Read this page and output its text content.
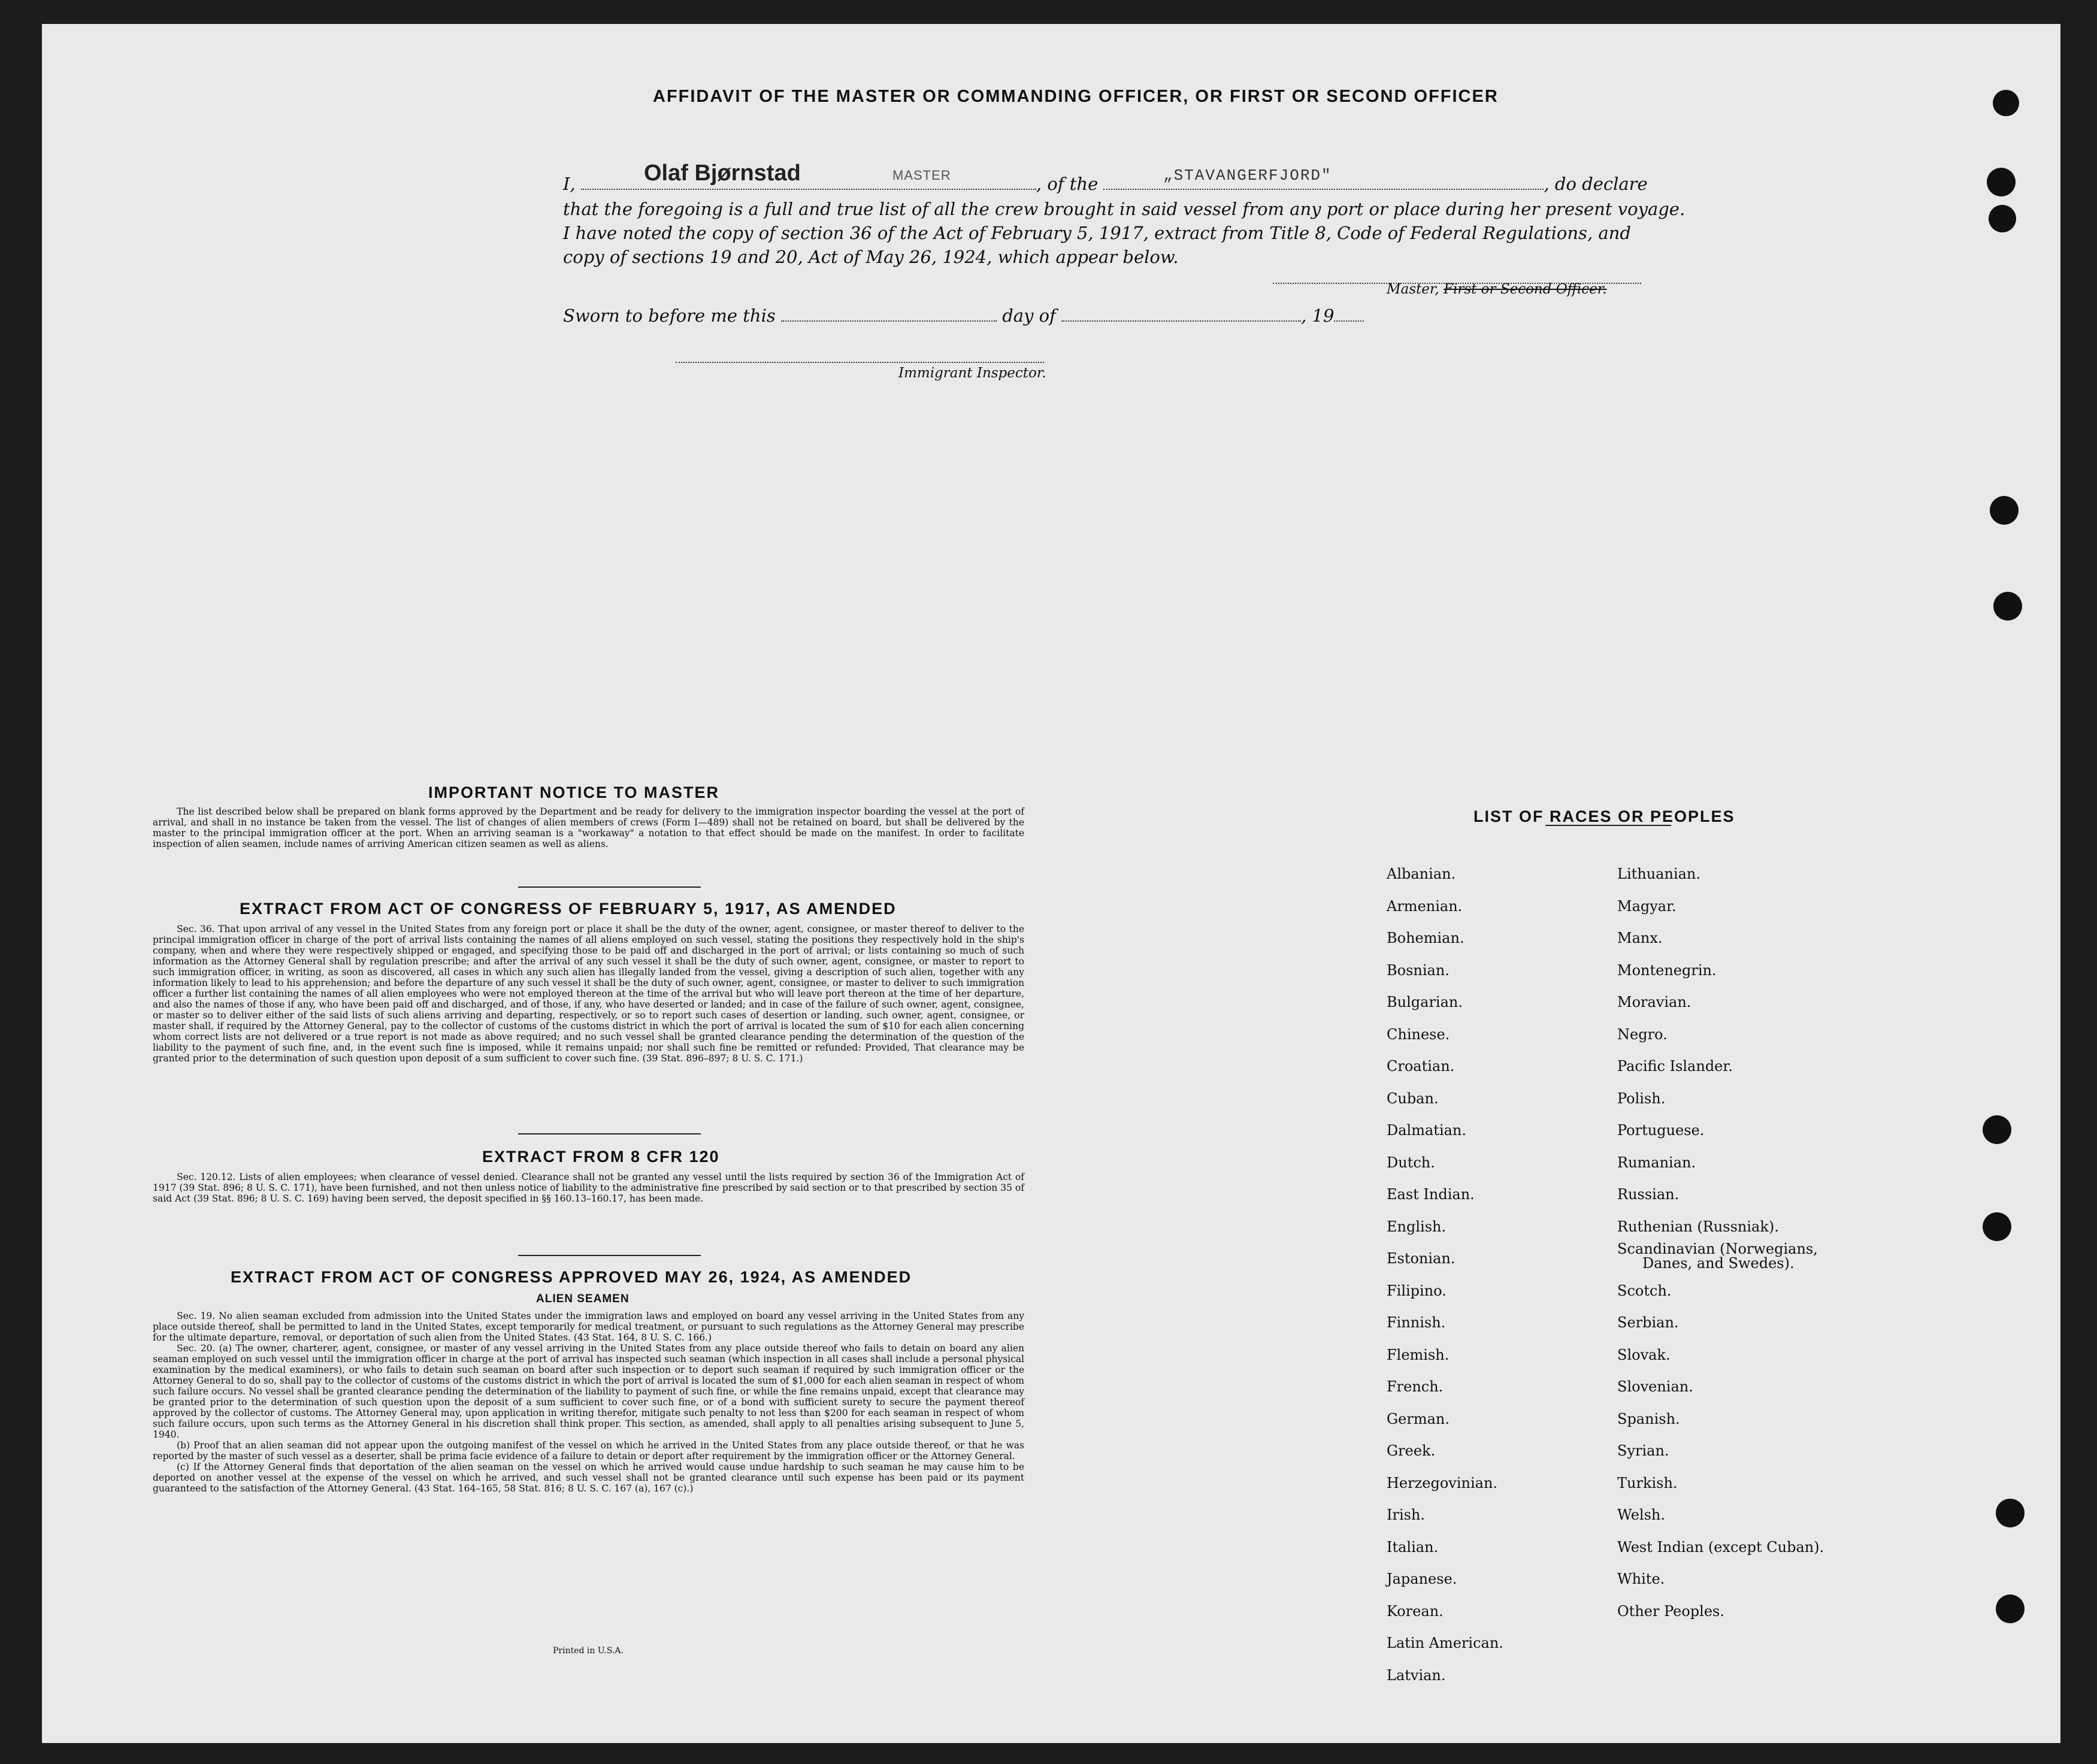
AFFIDAVIT OF THE MASTER OR COMMANDING OFFICER, OR FIRST OR SECOND OFFICER
I,	, of the	, do declare
Olaf Bjørnstad	MASTER	„STAVANGERFJORD"
that the foregoing is a full and true list of all the crew brought in said vessel from any port or place during her present voyage.
I have noted the copy of section 36 of the Act of February 5, 1917, extract from Title 8, Code of Federal Regulations, and
copy of sections 19 and 20, Act of May 26, 1924, which appear below.
Master, First or Second Officer.
Sworn to before me this	day of	, 19
Immigrant Inspector.
IMPORTANT NOTICE TO MASTER
The list described below shall be prepared on blank forms approved by the Department and be ready for delivery to the immigration inspector boarding the vessel at the port of arrival, and shall in no instance be taken from the vessel. The list of changes of alien members of crews (Form I—489) shall not be retained on board, but shall be delivered by the master to the principal immigration officer at the port. When an arriving seaman is a "workaway" a notation to that effect should be made on the manifest. In order to facilitate inspection of alien seamen, include names of arriving American citizen seamen as well as aliens.
EXTRACT FROM ACT OF CONGRESS OF FEBRUARY 5, 1917, AS AMENDED
Sec. 36. That upon arrival of any vessel in the United States from any foreign port or place it shall be the duty of the owner, agent, consignee, or master thereof to deliver to the principal immigration officer in charge of the port of arrival lists containing the names of all aliens employed on such vessel, stating the positions they respectively hold in the ship's company, when and where they were respectively shipped or engaged, and specifying those to be paid off and discharged in the port of arrival; or lists containing so much of such information as the Attorney General shall by regulation prescribe; and after the arrival of any such vessel it shall be the duty of such owner, agent, consignee, or master to report to such immigration officer, in writing, as soon as discovered, all cases in which any such alien has illegally landed from the vessel, giving a description of such alien, together with any information likely to lead to his apprehension; and before the departure of any such vessel it shall be the duty of such owner, agent, consignee, or master to deliver to such immigration officer a further list containing the names of all alien employees who were not employed thereon at the time of the arrival but who will leave port thereon at the time of her departure, and also the names of those if any, who have been paid off and discharged, and of those, if any, who have deserted or landed; and in case of the failure of such owner, agent, consignee, or master so to deliver either of the said lists of such aliens arriving and departing, respectively, or so to report such cases of desertion or landing, such owner, agent, consignee, or master shall, if required by the Attorney General, pay to the collector of customs of the customs district in which the port of arrival is located the sum of $10 for each alien concerning whom correct lists are not delivered or a true report is not made as above required; and no such vessel shall be granted clearance pending the determination of the question of the liability to the payment of such fine, and, in the event such fine is imposed, while it remains unpaid; nor shall such fine be remitted or refunded: Provided, That clearance may be granted prior to the determination of such question upon deposit of a sum sufficient to cover such fine. (39 Stat. 896–897; 8 U. S. C. 171.)
EXTRACT FROM 8 CFR 120
Sec. 120.12. Lists of alien employees; when clearance of vessel denied. Clearance shall not be granted any vessel until the lists required by section 36 of the Immigration Act of 1917 (39 Stat. 896; 8 U. S. C. 171), have been furnished, and not then unless notice of liability to the administrative fine prescribed by said section or to that prescribed by section 35 of said Act (39 Stat. 896; 8 U. S. C. 169) having been served, the deposit specified in §§ 160.13–160.17, has been made.
EXTRACT FROM ACT OF CONGRESS APPROVED MAY 26, 1924, AS AMENDED
ALIEN SEAMEN

Sec. 19. No alien seaman excluded from admission into the United States under the immigration laws and employed on board any vessel arriving in the United States from any place outside thereof, shall be permitted to land in the United States, except temporarily for medical treatment, or pursuant to such regulations as the Attorney General may prescribe for the ultimate departure, removal, or deportation of such alien from the United States. (43 Stat. 164, 8 U. S. C. 166.)

Sec. 20. (a) The owner, charterer, agent, consignee, or master of any vessel arriving in the United States from any place outside thereof who fails to detain on board any alien seaman employed on such vessel until the immigration officer in charge at the port of arrival has inspected such seaman (which inspection in all cases shall include a personal physical examination by the medical examiners), or who fails to detain such seaman on board after such inspection or to deport such seaman if required by such immigration officer or the Attorney General to do so, shall pay to the collector of customs of the customs district in which the port of arrival is located the sum of $1,000 for each alien seaman in respect of whom such failure occurs. No vessel shall be granted clearance pending the determination of the liability to payment of such fine, or while the fine remains unpaid, except that clearance may be granted prior to the determination of such question upon the deposit of a sum sufficient to cover such fine, or of a bond with sufficient surety to secure the payment thereof approved by the collector of customs. The Attorney General may, upon application in writing therefor, mitigate such penalty to not less than $200 for each seaman in respect of whom such failure occurs, upon such terms as the Attorney General in his discretion shall think proper. This section, as amended, shall apply to all penalties arising subsequent to June 5, 1940.

(b) Proof that an alien seaman did not appear upon the outgoing manifest of the vessel on which he arrived in the United States from any place outside thereof, or that he was reported by the master of such vessel as a deserter, shall be prima facie evidence of a failure to detain or deport after requirement by the immigration officer or the Attorney General.

(c) If the Attorney General finds that deportation of the alien seaman on the vessel on which he arrived would cause undue hardship to such seaman he may cause him to be deported on another vessel at the expense of the vessel on which he arrived, and such vessel shall not be granted clearance until such expense has been paid or its payment guaranteed to the satisfaction of the Attorney General. (43 Stat. 164–165, 58 Stat. 816; 8 U. S. C. 167 (a), 167 (c).)

Printed in U.S.A.
LIST OF RACES OR PEOPLES
Albanian.
Armenian.
Bohemian.
Bosnian.
Bulgarian.
Chinese.
Croatian.
Cuban.
Dalmatian.
Dutch.
East Indian.
English.
Estonian.
Filipino.
Finnish.
Flemish.
French.
German.
Greek.
Herzegovinian.
Irish.
Italian.
Japanese.
Korean.
Latin American.
Latvian.
Lithuanian.
Magyar.
Manx.
Montenegrin.
Moravian.
Negro.
Pacific Islander.
Polish.
Portuguese.
Rumanian.
Russian.
Ruthenian (Russniak).
Scandinavian (Norwegians,
Danes, and Swedes).
Scotch.
Serbian.
Slovak.
Slovenian.
Spanish.
Syrian.
Turkish.
Welsh.
West Indian (except Cuban).
White.
Other Peoples.
